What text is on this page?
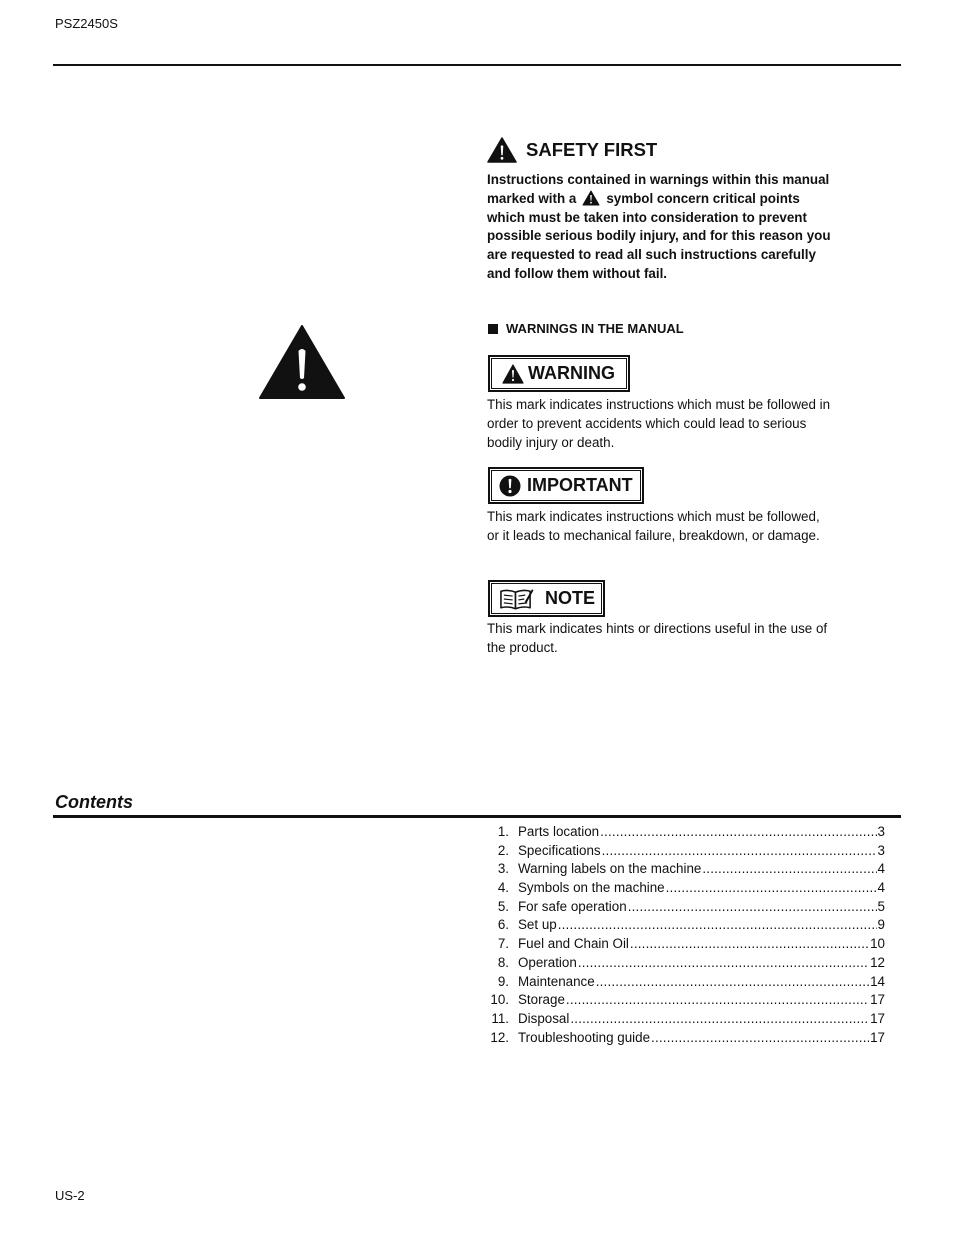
PSZ2450S
SAFETY FIRST
Instructions contained in warnings within this manual marked with a symbol concern critical points which must be taken into consideration to prevent possible serious bodily injury, and for this reason you are requested to read all such instructions carefully and follow them without fail.
WARNINGS IN THE MANUAL
WARNING
This mark indicates instructions which must be followed in order to prevent accidents which could lead to serious bodily injury or death.
IMPORTANT
This mark indicates instructions which must be followed, or it leads to mechanical failure, breakdown, or damage.
NOTE
This mark indicates hints or directions useful in the use of the product.
Contents
1. Parts location .....	3
2. Specifications .....	3
3. Warning labels on the machine .....	4
4. Symbols on the machine .....	4
5. For safe operation .....	5
6. Set up .....	9
7. Fuel and Chain Oil .....	10
8. Operation .....	12
9. Maintenance .....	14
10. Storage .....	17
11. Disposal .....	17
12. Troubleshooting guide .....	17
US-2
